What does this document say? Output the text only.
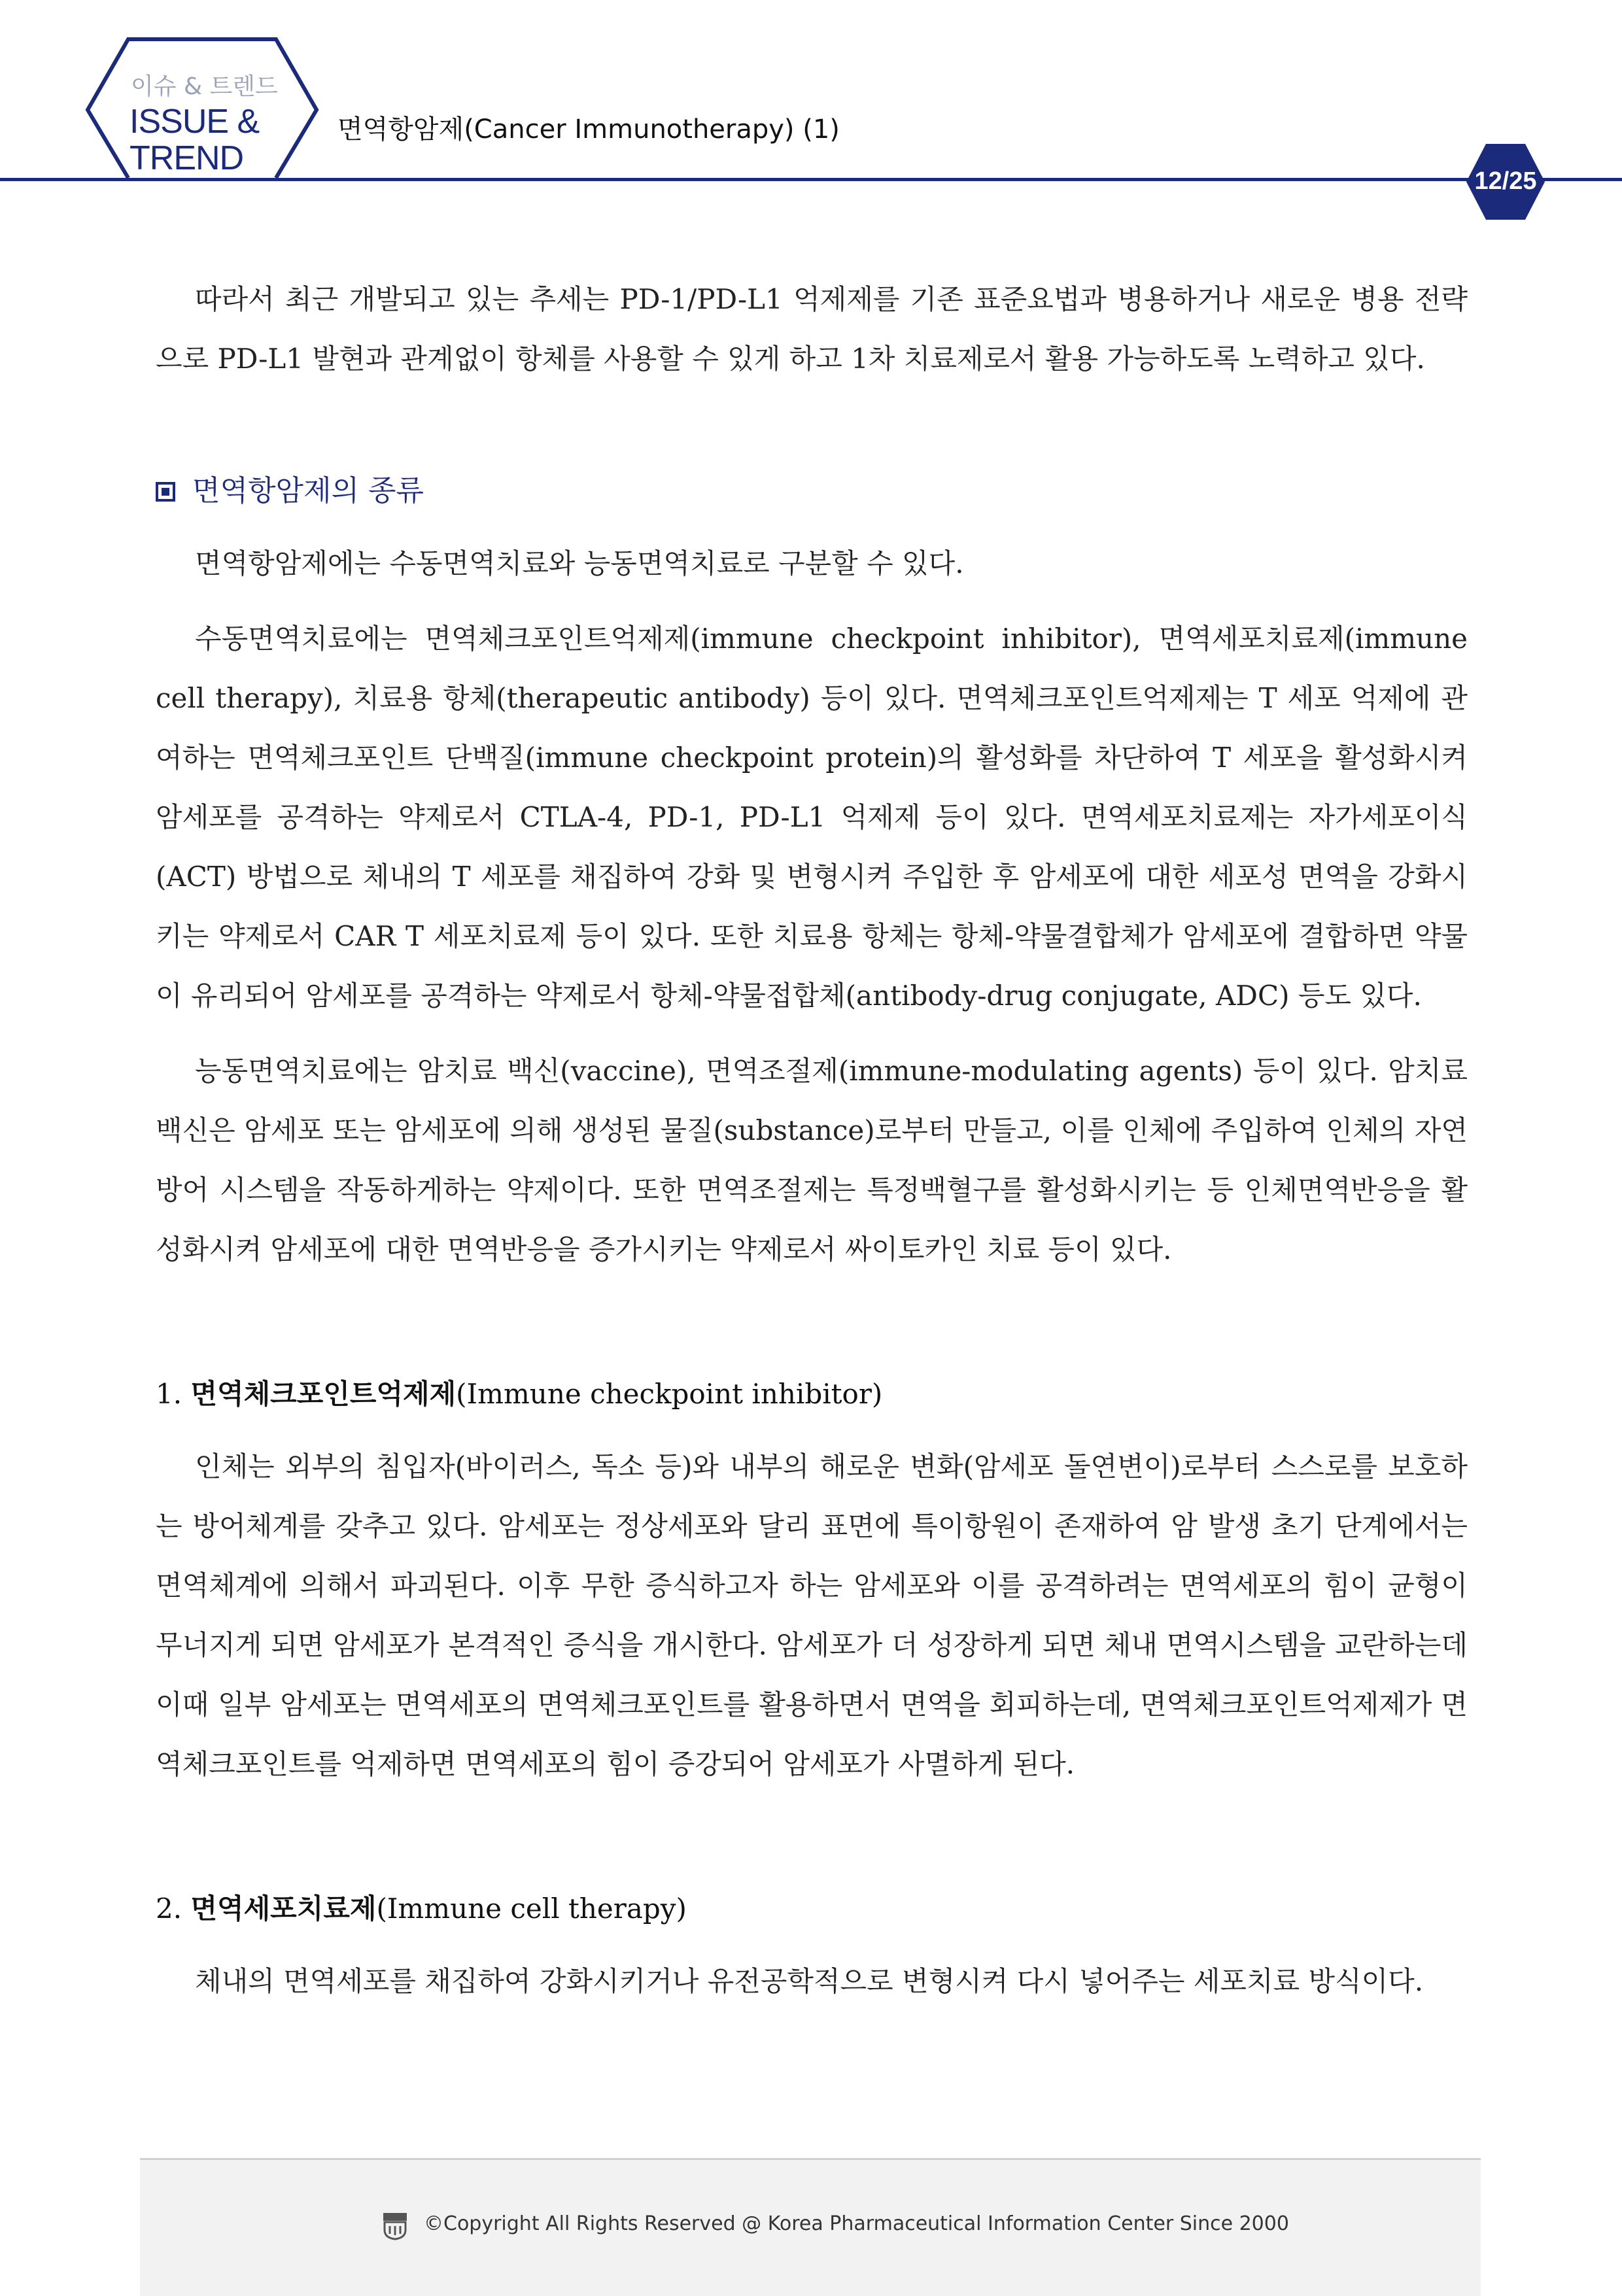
이슈 & 트렌드
ISSUE &
TREND
면역항암제(Cancer Immunotherapy) (1)
12/25

따라서 최근 개발되고 있는 추세는 PD-1/PD-L1 억제제를 기존 표준요법과 병용하거나 새로운 병용 전략으로 PD-L1 발현과 관계없이 항체를 사용할 수 있게 하고 1차 치료제로서 활용 가능하도록 노력하고 있다.

면역항암제의 종류

면역항암제에는 수동면역치료와 능동면역치료로 구분할 수 있다.

수동면역치료에는 면역체크포인트억제제(immune checkpoint inhibitor), 면역세포치료제(immune cell therapy), 치료용 항체(therapeutic antibody) 등이 있다. 면역체크포인트억제제는 T 세포 억제에 관여하는 면역체크포인트 단백질(immune checkpoint protein)의 활성화를 차단하여 T 세포을 활성화시켜 암세포를 공격하는 약제로서 CTLA-4, PD-1, PD-L1 억제제 등이 있다. 면역세포치료제는 자가세포이식(ACT) 방법으로 체내의 T 세포를 채집하여 강화 및 변형시켜 주입한 후 암세포에 대한 세포성 면역을 강화시키는 약제로서 CAR T 세포치료제 등이 있다. 또한 치료용 항체는 항체-약물결합체가 암세포에 결합하면 약물이 유리되어 암세포를 공격하는 약제로서 항체-약물접합체(antibody-drug conjugate, ADC) 등도 있다.

능동면역치료에는 암치료 백신(vaccine), 면역조절제(immune-modulating agents) 등이 있다. 암치료 백신은 암세포 또는 암세포에 의해 생성된 물질(substance)로부터 만들고, 이를 인체에 주입하여 인체의 자연방어 시스템을 작동하게하는 약제이다. 또한 면역조절제는 특정백혈구를 활성화시키는 등 인체면역반응을 활성화시켜 암세포에 대한 면역반응을 증가시키는 약제로서 싸이토카인 치료 등이 있다.

1. 면역체크포인트억제제(Immune checkpoint inhibitor)

인체는 외부의 침입자(바이러스, 독소 등)와 내부의 해로운 변화(암세포 돌연변이)로부터 스스로를 보호하는 방어체계를 갖추고 있다. 암세포는 정상세포와 달리 표면에 특이항원이 존재하여 암 발생 초기 단계에서는 면역체계에 의해서 파괴된다. 이후 무한 증식하고자 하는 암세포와 이를 공격하려는 면역세포의 힘이 균형이 무너지게 되면 암세포가 본격적인 증식을 개시한다. 암세포가 더 성장하게 되면 체내 면역시스템을 교란하는데 이때 일부 암세포는 면역세포의 면역체크포인트를 활용하면서 면역을 회피하는데, 면역체크포인트억제제가 면역체크포인트를 억제하면 면역세포의 힘이 증강되어 암세포가 사멸하게 된다.

2. 면역세포치료제(Immune cell therapy)

체내의 면역세포를 채집하여 강화시키거나 유전공학적으로 변형시켜 다시 넣어주는 세포치료 방식이다.

©Copyright All Rights Reserved @ Korea Pharmaceutical Information Center Since 2000
